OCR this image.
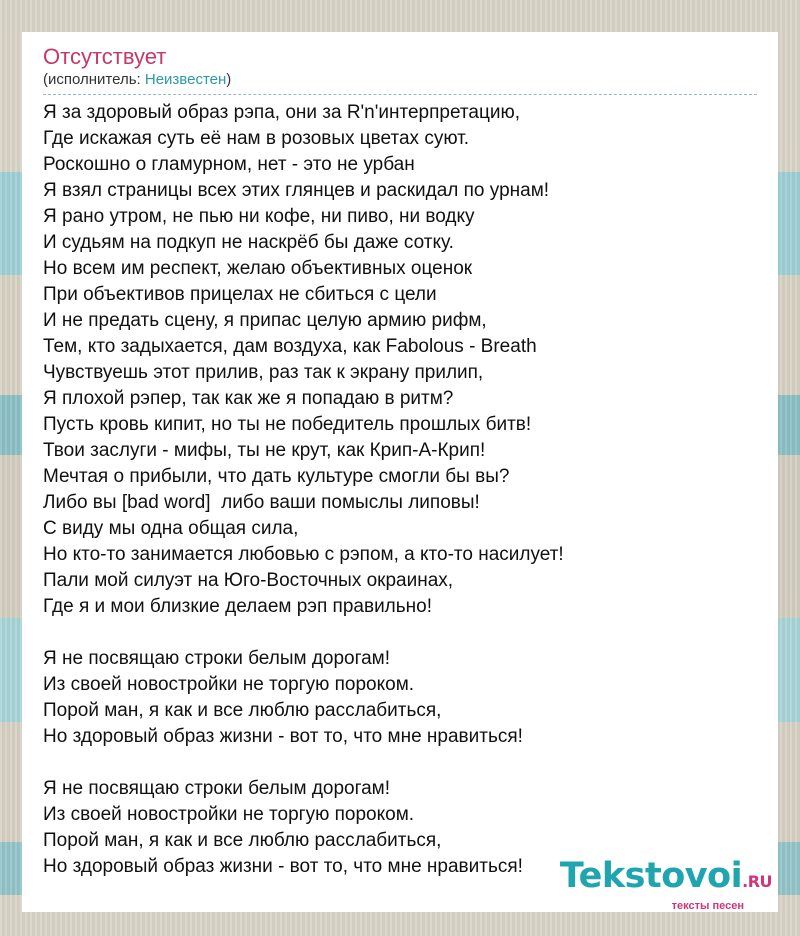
Отсутствует
(исполнитель: Неизвестен)
Я за здоровый образ рэпа, они за R'n'интерпретацию,
Где искажая суть её нам в розовых цветах суют.
Роскошно о гламурном, нет - это не урбан
Я взял страницы всех этих глянцев и раскидал по урнам!
Я рано утром, не пью ни кофе, ни пиво, ни водку
И судьям на подкуп не наскрёб бы даже сотку.
Но всем им респект, желаю объективных оценок
При объективов прицелах не сбиться с цели
И не предать сцену, я припас целую армию рифм,
Тем, кто задыхается, дам воздуха, как Fabolous - Breath
Чувствуешь этот прилив, раз так к экрану прилип,
Я плохой рэпер, так как же я попадаю в ритм?
Пусть кровь кипит, но ты не победитель прошлых битв!
Твои заслуги - мифы, ты не крут, как Крип-А-Крип!
Мечтая о прибыли, что дать культуре смогли бы вы?
Либо вы [bad word]  либо ваши помыслы липовы!
С виду мы одна общая сила,
Но кто-то занимается любовью с рэпом, а кто-то насилует!
Пали мой силуэт на Юго-Восточных окраинах,
Где я и мои близкие делаем рэп правильно!
Я не посвящаю строки белым дорогам!
Из своей новостройки не торгую пороком.
Порой ман, я как и все люблю расслабиться,
Но здоровый образ жизни - вот то, что мне нравиться!
Я не посвящаю строки белым дорогам!
Из своей новостройки не торгую пороком.
Порой ман, я как и все люблю расслабиться,
Но здоровый образ жизни - вот то, что мне нравиться!	Tekstovoi.RU
тексты песен
